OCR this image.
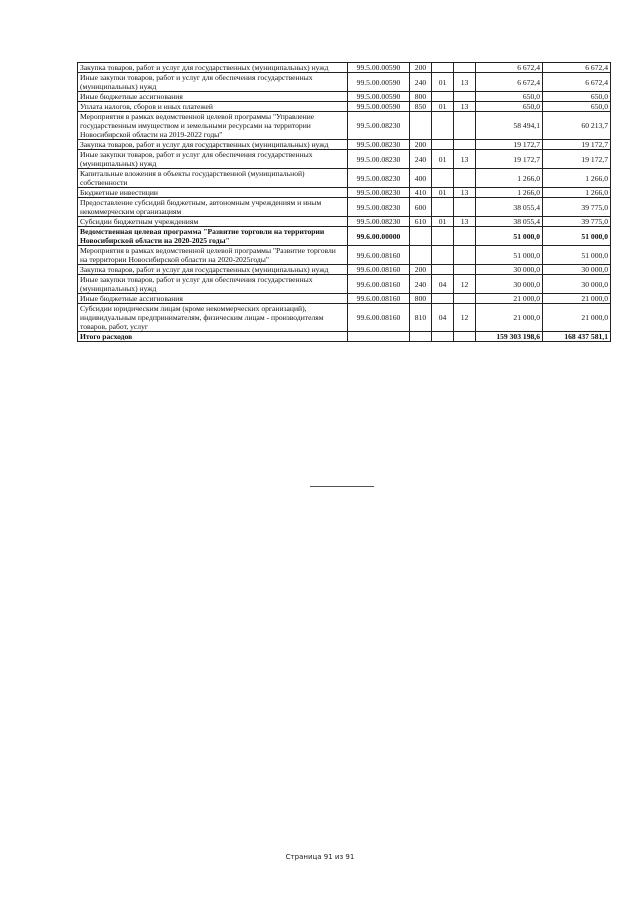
Закупка товаров, работ и услуг для государственных (муниципальных) нужд	99.5.00.00590	200			6 672,4	6 672,4
Иные закупки товаров, работ и услуг для обеспечения государственных (муниципальных) нужд	99.5.00.00590	240	01	13	6 672,4	6 672,4
Иные бюджетные ассигнования	99.5.00.00590	800			650,0	650,0
Уплата налогов, сборов и иных платежей	99.5.00.00590	850	01	13	650,0	650,0
Мероприятия в рамках ведомственной целевой программы "Управление государственным имуществом и земельными ресурсами на территории Новосибирской области на 2019-2022 годы"	99.5.00.08230				58 494,1	60 213,7
Закупка товаров, работ и услуг для государственных (муниципальных) нужд	99.5.00.08230	200			19 172,7	19 172,7
Иные закупки товаров, работ и услуг для обеспечения государственных (муниципальных) нужд	99.5.00.08230	240	01	13	19 172,7	19 172,7
Капитальные вложения в объекты государственной (муниципальной) собственности	99.5.00.08230	400			1 266,0	1 266,0
Бюджетные инвестиции	99.5.00.08230	410	01	13	1 266,0	1 266,0
Предоставление субсидий бюджетным, автономным учреждениям и иным некоммерческим организациям	99.5.00.08230	600			38 055,4	39 775,0
Субсидии бюджетным учреждениям	99.5.00.08230	610	01	13	38 055,4	39 775,0
Ведомственная целевая программа "Развитие торговли на территории Новосибирской области на 2020-2025 годы"	99.6.00.00000				51 000,0	51 000,0
Мероприятия в рамках ведомственной целевой программы "Развитие торговли на территории Новосибирской области на 2020-2025годы"	99.6.00.08160				51 000,0	51 000,0
Закупка товаров, работ и услуг для государственных (муниципальных) нужд	99.6.00.08160	200			30 000,0	30 000,0
Иные закупки товаров, работ и услуг для обеспечения государственных (муниципальных) нужд	99.6.00.08160	240	04	12	30 000,0	30 000,0
Иные бюджетные ассигнования	99.6.00.08160	800			21 000,0	21 000,0
Субсидии юридическим лицам (кроме некоммерческих организаций), индивидуальным предпринимателям, физическим лицам - производителям товаров, работ, услуг	99.6.00.08160	810	04	12	21 000,0	21 000,0
Итого расходов					159 303 198,6	168 437 581,1
Страница 91 из 91
